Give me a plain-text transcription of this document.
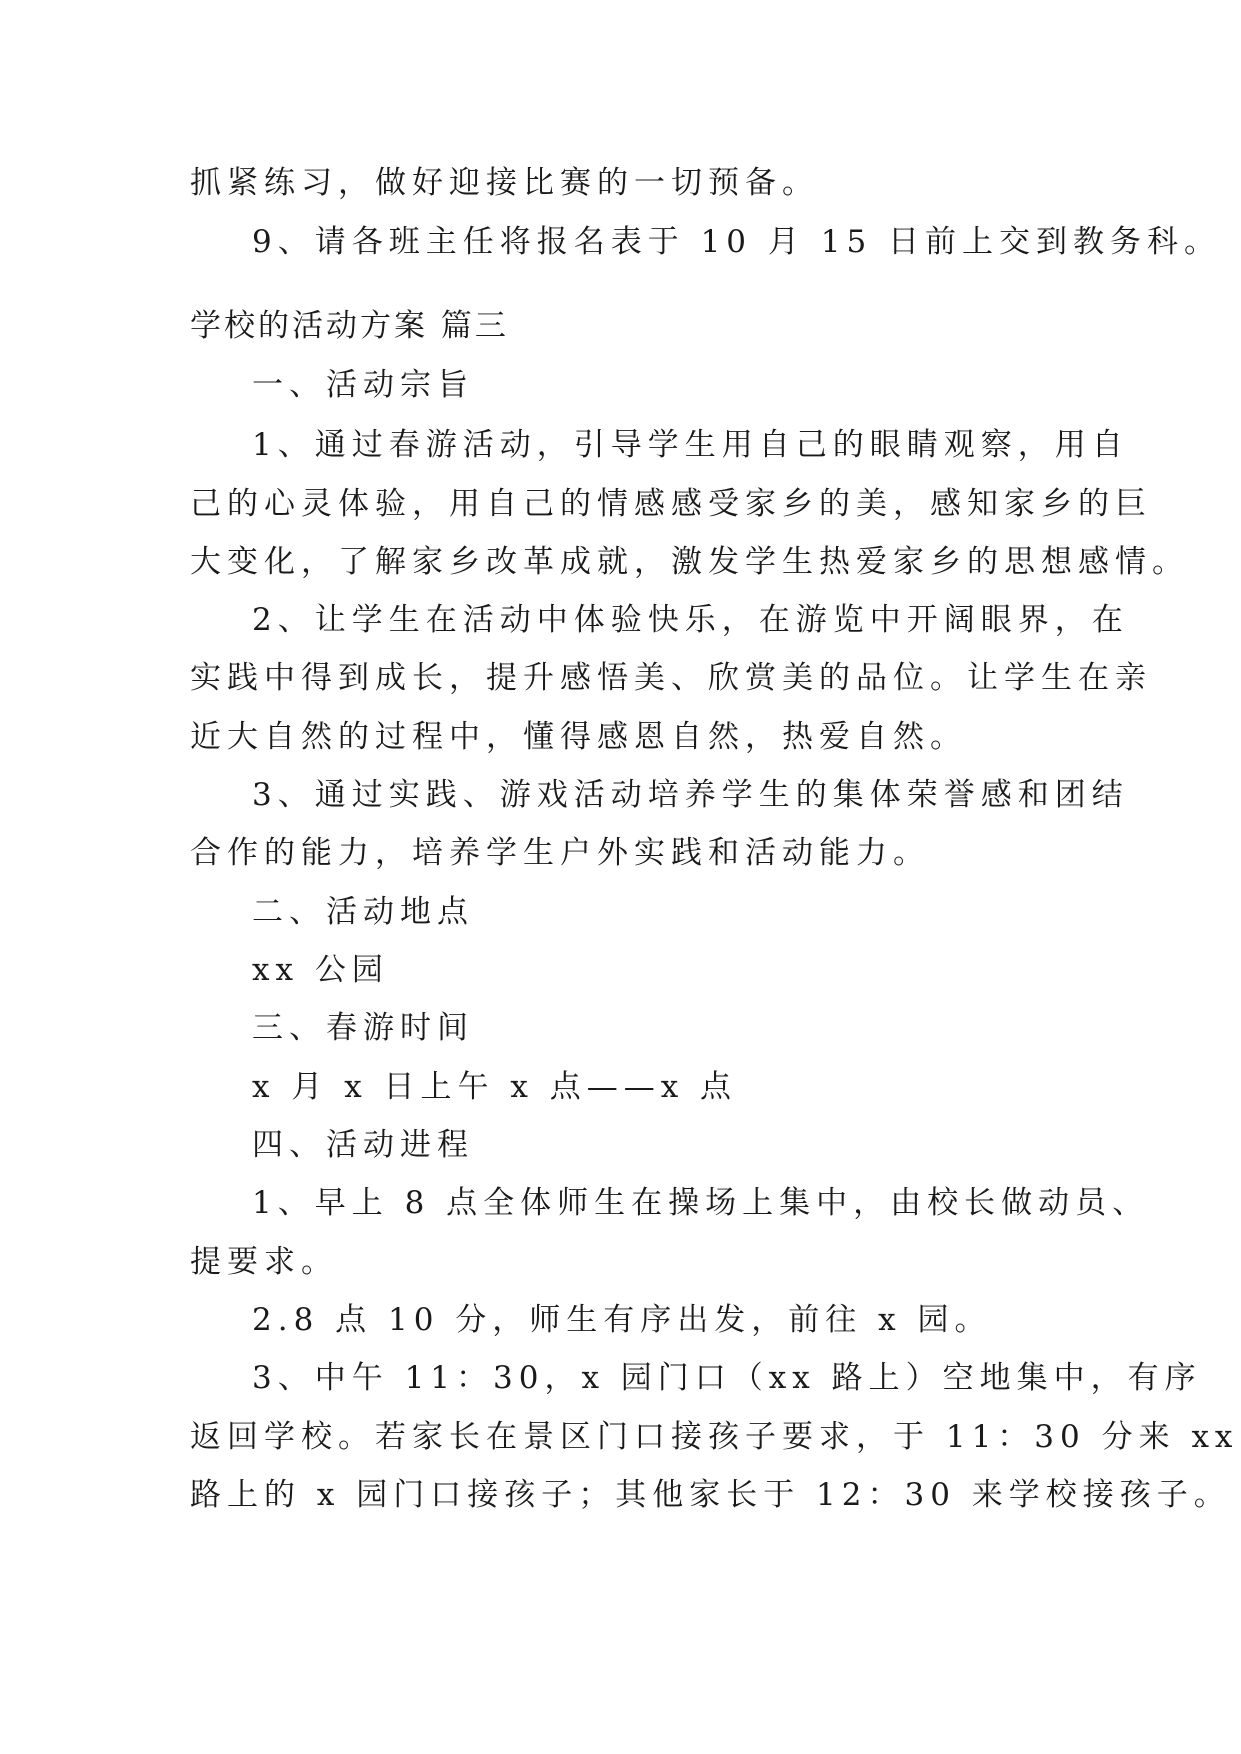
抓紧练习，做好迎接比赛的一切预备。

9、请各班主任将报名表于 10 月 15 日前上交到教务科。

学校的活动方案 篇三

一、活动宗旨

1、通过春游活动，引导学生用自己的眼睛观察，用自

己的心灵体验，用自己的情感感受家乡的美，感知家乡的巨

大变化，了解家乡改革成就，激发学生热爱家乡的思想感情。

2、让学生在活动中体验快乐，在游览中开阔眼界，在

实践中得到成长，提升感悟美、欣赏美的品位。让学生在亲

近大自然的过程中，懂得感恩自然，热爱自然。

3、通过实践、游戏活动培养学生的集体荣誉感和团结

合作的能力，培养学生户外实践和活动能力。

二、活动地点

xx 公园

三、春游时间

x 月 x 日上午 x 点——x 点

四、活动进程

1、早上 8 点全体师生在操场上集中，由校长做动员、

提要求。

2.8 点 10 分，师生有序出发，前往 x 园。

3、中午 11：30，x 园门口（xx 路上）空地集中，有序

返回学校。若家长在景区门口接孩子要求，于 11：30 分来 xx

路上的 x 园门口接孩子；其他家长于 12：30 来学校接孩子。
